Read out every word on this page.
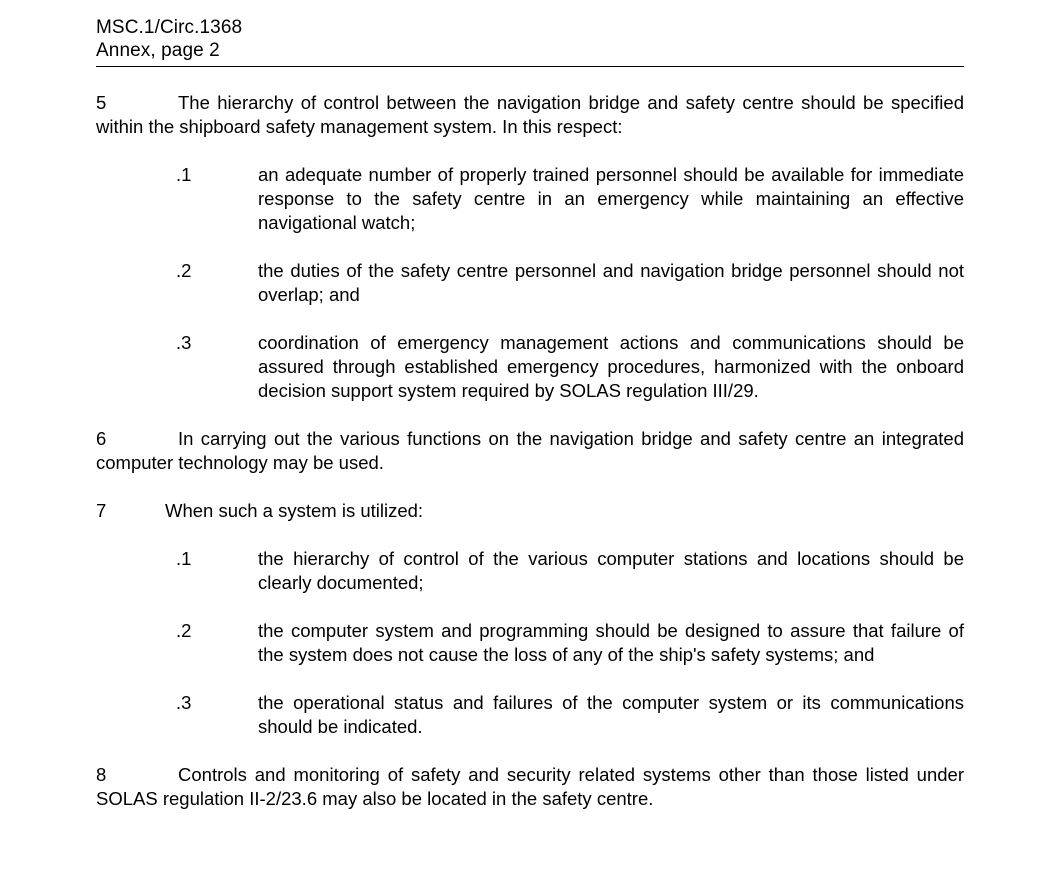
MSC.1/Circ.1368
Annex, page 2

5	The hierarchy of control between the navigation bridge and safety centre should be specified within the shipboard safety management system. In this respect:

.1	an adequate number of properly trained personnel should be available for immediate response to the safety centre in an emergency while maintaining an effective navigational watch;
.2	the duties of the safety centre personnel and navigation bridge personnel should not overlap; and
.3	coordination of emergency management actions and communications should be assured through established emergency procedures, harmonized with the onboard decision support system required by SOLAS regulation III/29.

6	In carrying out the various functions on the navigation bridge and safety centre an integrated computer technology may be used.

7	When such a system is utilized:

.1	the hierarchy of control of the various computer stations and locations should be clearly documented;
.2	the computer system and programming should be designed to assure that failure of the system does not cause the loss of any of the ship's safety systems; and
.3	the operational status and failures of the computer system or its communications should be indicated.

8	Controls and monitoring of safety and security related systems other than those listed under SOLAS regulation II-2/23.6 may also be located in the safety centre.
